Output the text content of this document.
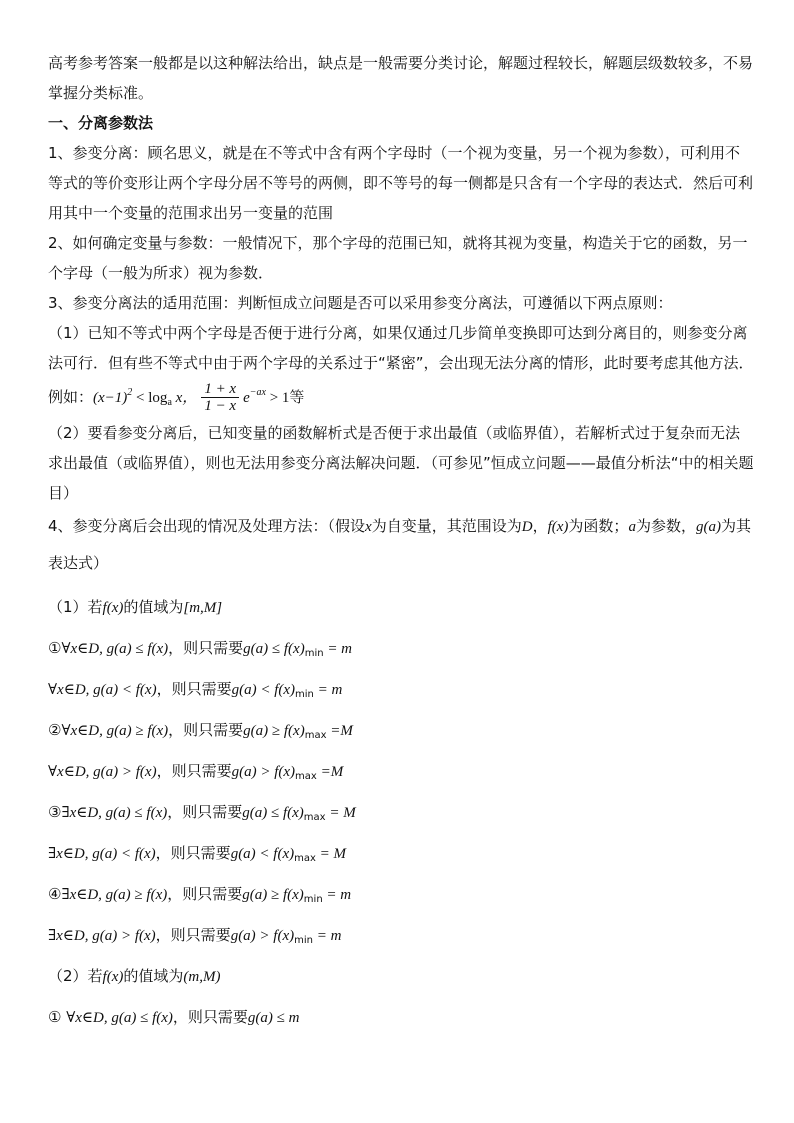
高考参考答案一般都是以这种解法给出，缺点是一般需要分类讨论，解题过程较长，解题层级数较多，不易掌握分类标准。

一、分离参数法

1、参变分离：顾名思义，就是在不等式中含有两个字母时（一个视为变量，另一个视为参数），可利用不等式的等价变形让两个字母分居不等号的两侧，即不等号的每一侧都是只含有一个字母的表达式．然后可利用其中一个变量的范围求出另一变量的范围

2、如何确定变量与参数：一般情况下，那个字母的范围已知，就将其视为变量，构造关于它的函数，另一个字母（一般为所求）视为参数．

3、参变分离法的适用范围：判断恒成立问题是否可以采用参变分离法，可遵循以下两点原则：

（1）已知不等式中两个字母是否便于进行分离，如果仅通过几步简单变换即可达到分离目的，则参变分离法可行．但有些不等式中由于两个字母的关系过于“紧密”，会出现无法分离的情形，此时要考虑其他方法．例如：$(x-1)^2 < \log_a x$， $\frac{1 + x}{1 - x} e^{-ax} > 1$等

（2）要看参变分离后，已知变量的函数解析式是否便于求出最值（或临界值），若解析式过于复杂而无法求出最值（或临界值），则也无法用参变分离法解决问题．（可参见”恒成立问题——最值分析法“中的相关题目）

4、参变分离后会出现的情况及处理方法：（假设x为自变量，其范围设为D，f(x)为函数；a为参数，g(a)为其表达式）

（1）若f(x)的值域为[m,M]

①∀x∈D, g(a) ≤ f(x)，则只需要$g(a) \le f(x)_{min} = m$

∀x∈D, g(a) < f(x)，则只需要$g(a) < f(x)_{min} = m$

②∀x∈D, g(a) ≥ f(x)，则只需要$g(a) \ge f(x)_{max} =M$

∀x∈D, g(a) > f(x)，则只需要$g(a) > f(x)_{max} =M$

③∃x∈D, g(a) ≤ f(x)，则只需要$g(a) \le f(x)_{max} = M$

∃x∈D, g(a) < f(x)，则只需要$g(a) < f(x)_{max} = M$

④∃x∈D, g(a) ≥ f(x)，则只需要$g(a) \ge f(x)_{min} = m$

∃x∈D, g(a) > f(x)，则只需要$g(a) > f(x)_{min} = m$

（2）若f(x)的值域为(m,M)

① ∀x∈D, g(a) ≤ f(x)，则只需要g(a) ≤ m
